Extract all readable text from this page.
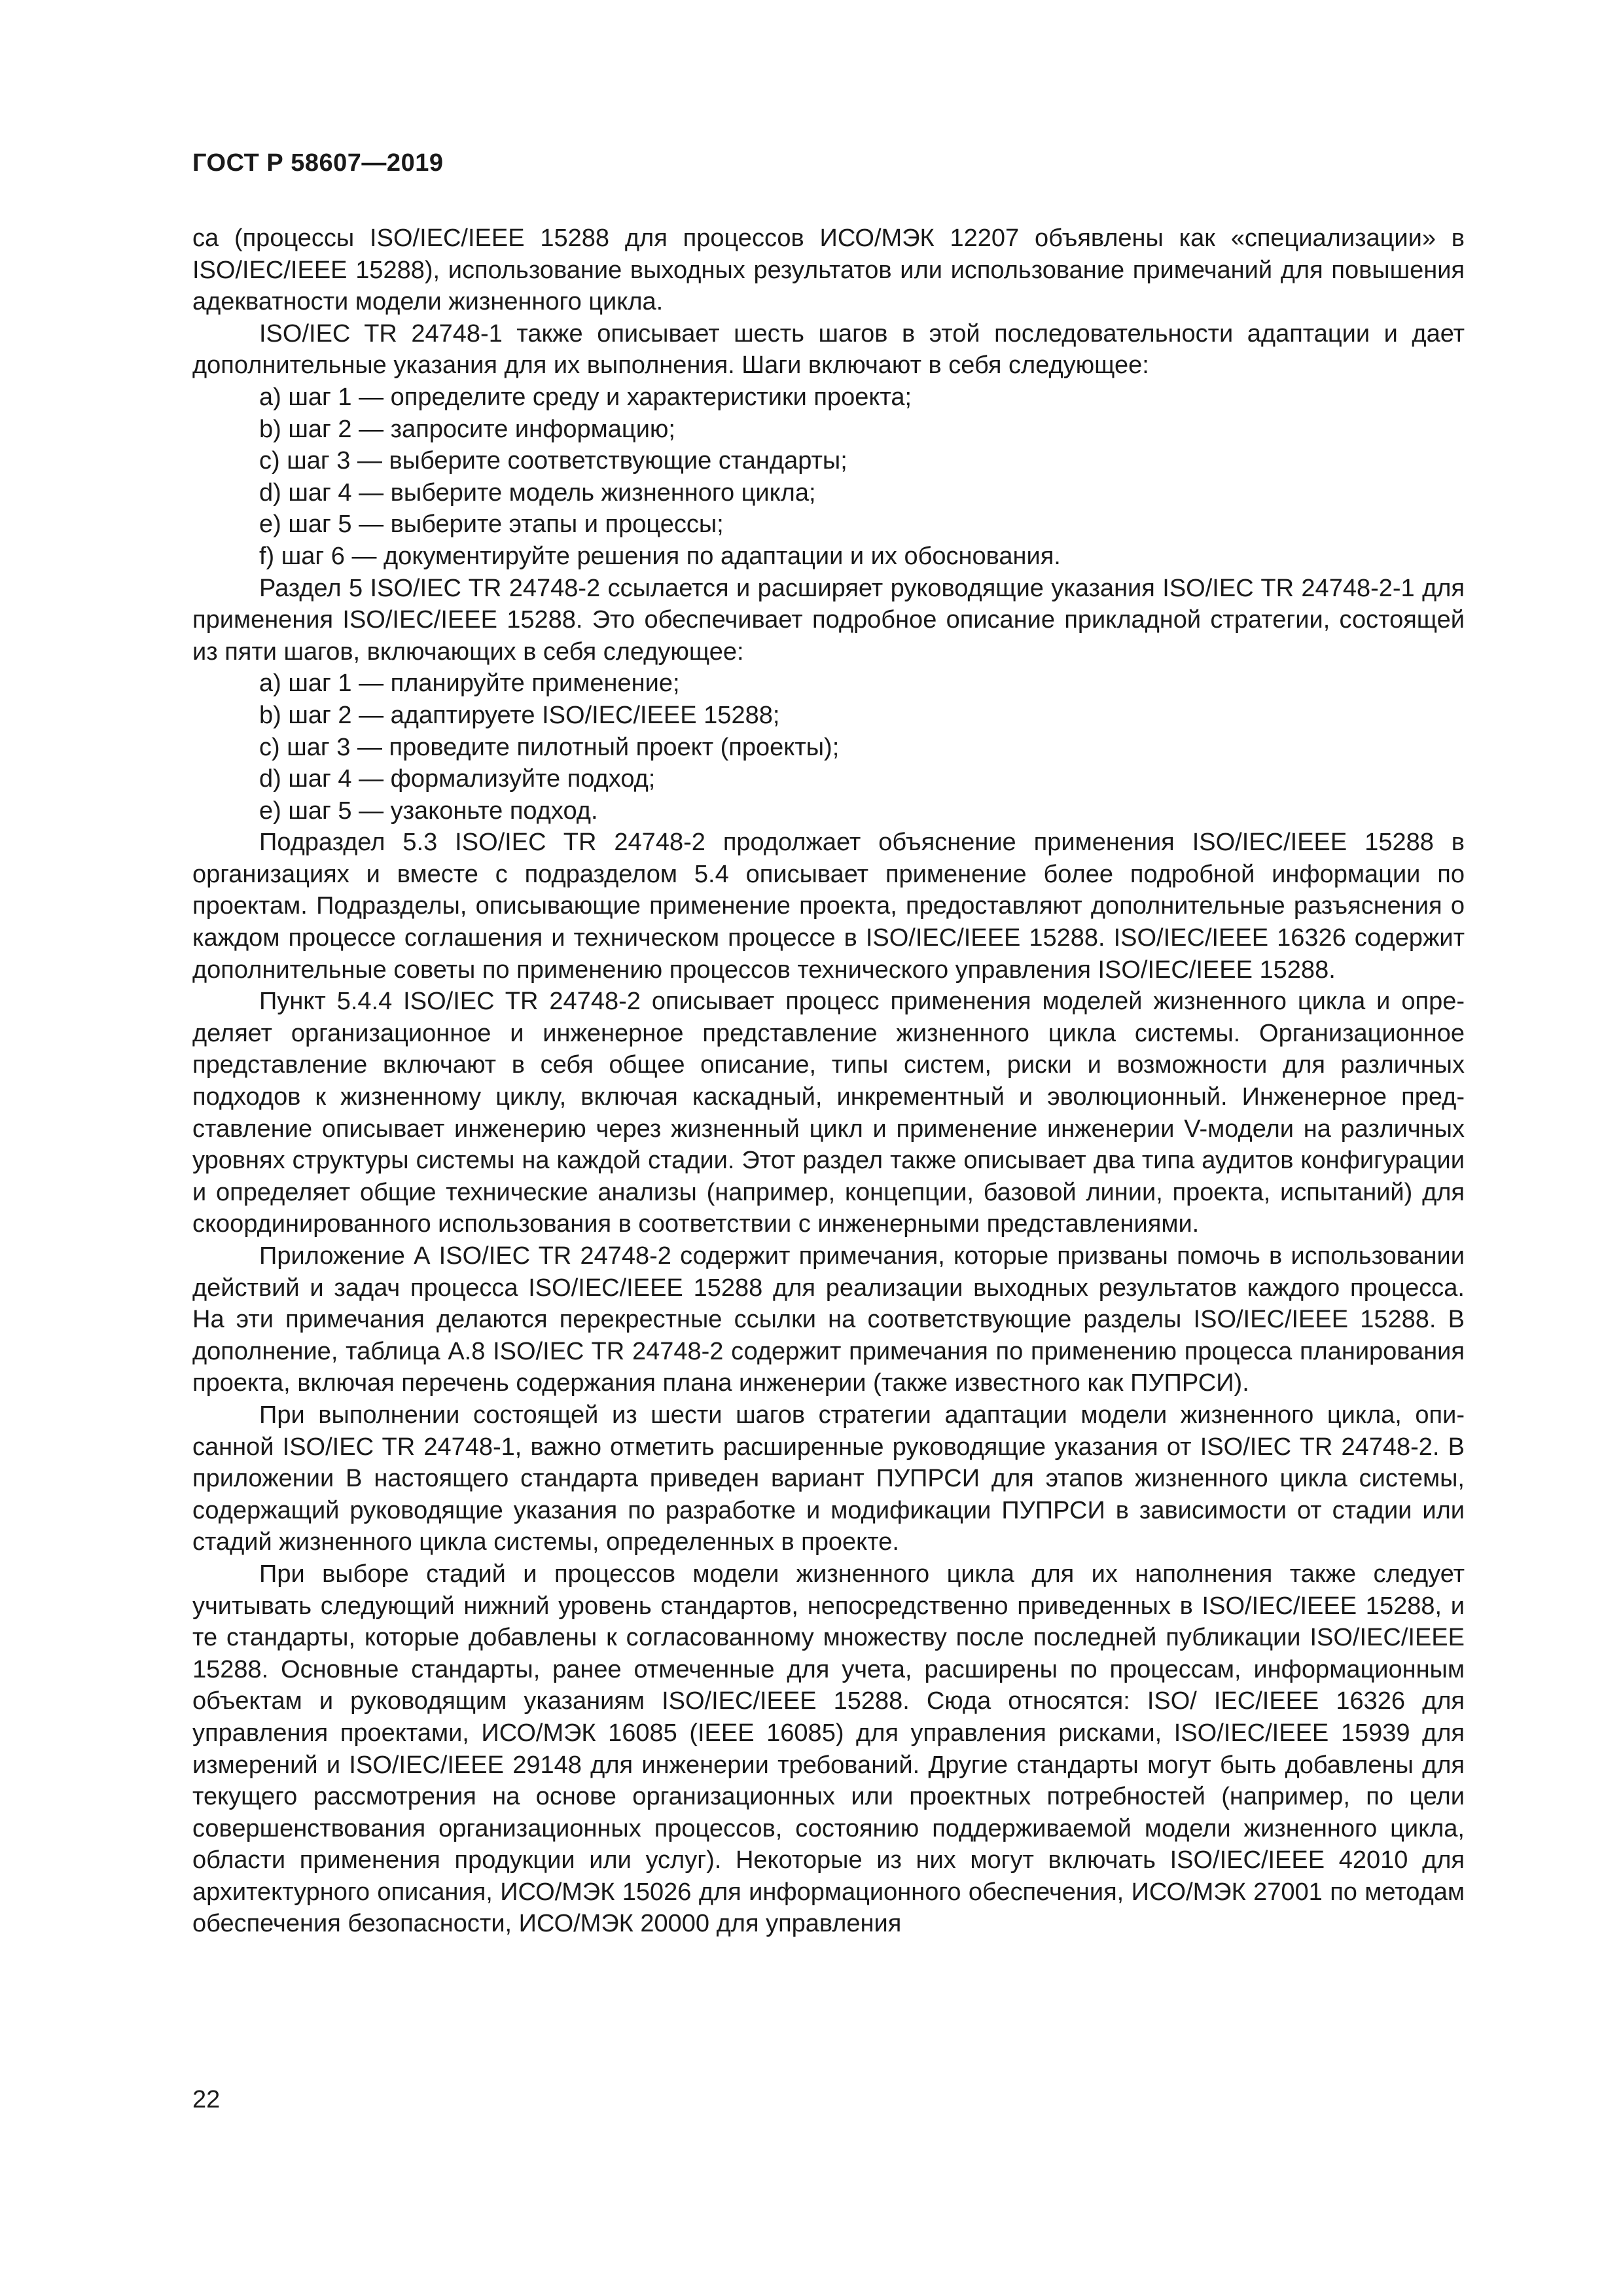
ГОСТ Р 58607—2019

са (процессы ISO/IEC/IEEE 15288 для процессов ИСО/МЭК 12207 объявлены как «специализации» в ISO/IEC/IEEE 15288), использование выходных результатов или использование примечаний для повышения адекватности модели жизненного цикла.

ISO/IEC TR 24748-1 также описывает шесть шагов в этой последовательности адаптации и дает дополнительные указания для их выполнения. Шаги включают в себя следующее:

a) шаг 1 — определите среду и характеристики проекта;

b) шаг 2 — запросите информацию;

c) шаг 3 — выберите соответствующие стандарты;

d) шаг 4 — выберите модель жизненного цикла;

e) шаг 5 — выберите этапы и процессы;

f) шаг 6 — документируйте решения по адаптации и их обоснования.

Раздел 5 ISO/IEC TR 24748-2 ссылается и расширяет руководящие указания ISO/IEC TR 24748-2-1 для применения ISO/IEC/IEEE 15288. Это обеспечивает подробное описание прикладной стратегии, состоящей из пяти шагов, включающих в себя следующее:

a) шаг 1 — планируйте применение;

b) шаг 2 — адаптируете ISO/IEC/IEEE 15288;

c) шаг 3 — проведите пилотный проект (проекты);

d) шаг 4 — формализуйте подход;

e) шаг 5 — узаконьте подход.

Подраздел 5.3 ISO/IEC TR 24748-2 продолжает объяснение применения ISO/IEC/IEEE 15288 в организациях и вместе с подразделом 5.4 описывает применение более подробной информации по проектам. Подразделы, описывающие применение проекта, предоставляют дополнительные разъяснения о каждом процессе соглашения и техническом процессе в ISO/IEC/IEEE 15288. ISO/IEC/IEEE 16326 содержит дополнительные советы по применению процессов технического управления ISO/IEC/IEEE 15288.

Пункт 5.4.4 ISO/IEC TR 24748-2 описывает процесс применения моделей жизненного цикла и определяет организационное и инженерное представление жизненного цикла системы. Организационное представление включают в себя общее описание, типы систем, риски и возможности для различных подходов к жизненному циклу, включая каскадный, инкрементный и эволюционный. Инженерное представление описывает инженерию через жизненный цикл и применение инженерии V-модели на различных уровнях структуры системы на каждой стадии. Этот раздел также описывает два типа аудитов конфигурации и определяет общие технические анализы (например, концепции, базовой линии, проекта, испытаний) для скоординированного использования в соответствии с инженерными представлениями.

Приложение А ISO/IEC TR 24748-2 содержит примечания, которые призваны помочь в использовании действий и задач процесса ISO/IEC/IEEE 15288 для реализации выходных результатов каждого процесса. На эти примечания делаются перекрестные ссылки на соответствующие разделы ISO/IEC/IEEE 15288. В дополнение, таблица А.8 ISO/IEC TR 24748-2 содержит примечания по применению процесса планирования проекта, включая перечень содержания плана инженерии (также известного как ПУПРСИ).

При выполнении состоящей из шести шагов стратегии адаптации модели жизненного цикла, описанной ISO/IEC TR 24748-1, важно отметить расширенные руководящие указания от ISO/IEC TR 24748-2. В приложении В настоящего стандарта приведен вариант ПУПРСИ для этапов жизненного цикла системы, содержащий руководящие указания по разработке и модификации ПУПРСИ в зависимости от стадии или стадий жизненного цикла системы, определенных в проекте.

При выборе стадий и процессов модели жизненного цикла для их наполнения также следует учитывать следующий нижний уровень стандартов, непосредственно приведенных в ISO/IEC/IEEE 15288, и те стандарты, которые добавлены к согласованному множеству после последней публикации ISO/IEC/IEEE 15288. Основные стандарты, ранее отмеченные для учета, расширены по процессам, информационным объектам и руководящим указаниям ISO/IEC/IEEE 15288. Сюда относятся: ISO/ IEC/IEEE 16326 для управления проектами, ИСО/МЭК 16085 (IEEE 16085) для управления рисками, ISO/IEC/IEEE 15939 для измерений и ISO/IEC/IEEE 29148 для инженерии требований. Другие стандарты могут быть добавлены для текущего рассмотрения на основе организационных или проектных потребностей (например, по цели совершенствования организационных процессов, состоянию поддерживаемой модели жизненного цикла, области применения продукции или услуг). Некоторые из них могут включать ISO/IEC/IEEE 42010 для архитектурного описания, ИСО/МЭК 15026 для информационного обеспечения, ИСО/МЭК 27001 по методам обеспечения безопасности, ИСО/МЭК 20000 для управления

22
